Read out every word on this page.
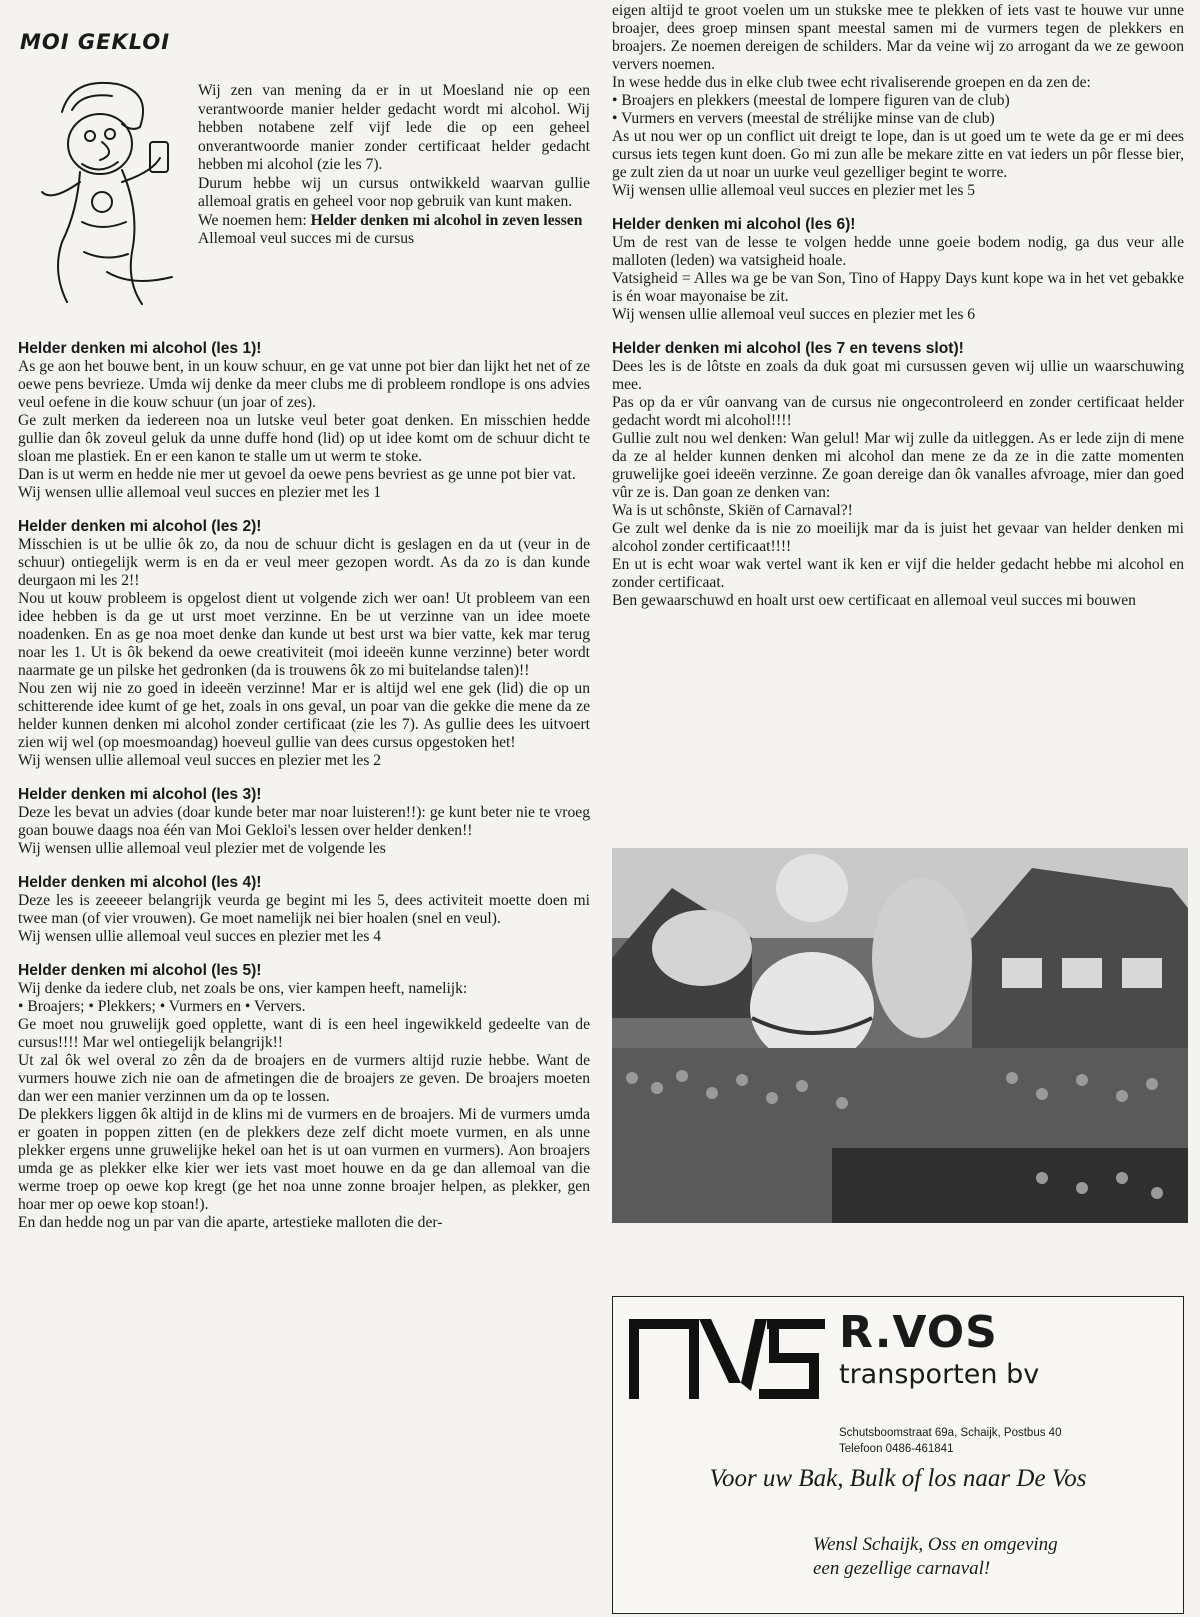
MOI GEKLOI

Wij zen van mening da er in ut Moesland nie op een verantwoorde manier helder gedacht wordt mi alcohol. Wij hebben notabene zelf vijf lede die op een geheel onverantwoorde manier zonder certificaat helder gedacht hebben mi alcohol (zie les 7).

Durum hebbe wij un cursus ontwikkeld waarvan gullie allemoal gratis en geheel voor nop gebruik van kunt maken.

We noemen hem: Helder denken mi alcohol in zeven lessen

Allemoal veul succes mi de cursus

Helder denken mi alcohol (les 1)!

As ge aon het bouwe bent, in un kouw schuur, en ge vat unne pot bier dan lijkt het net of ze oewe pens bevrieze. Umda wij denke da meer clubs me di probleem rondlope is ons advies veul oefene in die kouw schuur (un joar of zes).

Ge zult merken da iedereen noa un lutske veul beter goat denken. En misschien hedde gullie dan ôk zoveul geluk da unne duffe hond (lid) op ut idee komt om de schuur dicht te sloan me plastiek. En er een kanon te stalle um ut werm te stoke.

Dan is ut werm en hedde nie mer ut gevoel da oewe pens bevriest as ge unne pot bier vat.

Wij wensen ullie allemoal veul succes en plezier met les 1

Helder denken mi alcohol (les 2)!

Misschien is ut be ullie ôk zo, da nou de schuur dicht is geslagen en da ut (veur in de schuur) ontiegelijk werm is en da er veul meer gezopen wordt. As da zo is dan kunde deurgaon mi les 2!!

Nou ut kouw probleem is opgelost dient ut volgende zich wer oan! Ut probleem van een idee hebben is da ge ut urst moet verzinne. En be ut verzinne van un idee moete noadenken. En as ge noa moet denke dan kunde ut best urst wa bier vatte, kek mar terug noar les 1. Ut is ôk bekend da oewe creativiteit (moi ideeën kunne verzinne) beter wordt naarmate ge un pilske het gedronken (da is trouwens ôk zo mi buitelandse talen)!!

Nou zen wij nie zo goed in ideeën verzinne! Mar er is altijd wel ene gek (lid) die op un schitterende idee kumt of ge het, zoals in ons geval, un poar van die gekke die mene da ze helder kunnen denken mi alcohol zonder certificaat (zie les 7). As gullie dees les uitvoert zien wij wel (op moesmoandag) hoeveul gullie van dees cursus opgestoken het!

Wij wensen ullie allemoal veul succes en plezier met les 2

Helder denken mi alcohol (les 3)!

Deze les bevat un advies (doar kunde beter mar noar luisteren!!): ge kunt beter nie te vroeg goan bouwe daags noa één van Moi Gekloi's lessen over helder denken!!

Wij wensen ullie allemoal veul plezier met de volgende les

Helder denken mi alcohol (les 4)!

Deze les is zeeeeer belangrijk veurda ge begint mi les 5, dees activiteit moette doen mi twee man (of vier vrouwen). Ge moet namelijk nei bier hoalen (snel en veul).

Wij wensen ullie allemoal veul succes en plezier met les 4

Helder denken mi alcohol (les 5)!

Wij denke da iedere club, net zoals be ons, vier kampen heeft, namelijk:

• Broajers; • Plekkers; • Vurmers en • Ververs.

Ge moet nou gruwelijk goed opplette, want di is een heel ingewikkeld gedeelte van de cursus!!!! Mar wel ontiegelijk belangrijk!!

Ut zal ôk wel overal zo zên da de broajers en de vurmers altijd ruzie hebbe. Want de vurmers houwe zich nie oan de afmetingen die de broajers ze geven. De broajers moeten dan wer een manier verzinnen um da op te lossen.

De plekkers liggen ôk altijd in de klins mi de vurmers en de broajers. Mi de vurmers umda er goaten in poppen zitten (en de plekkers deze zelf dicht moete vurmen, en als unne plekker ergens unne gruwelijke hekel oan het is ut oan vurmen en vurmers). Aon broajers umda ge as plekker elke kier wer iets vast moet houwe en da ge dan allemoal van die werme troep op oewe kop kregt (ge het noa unne zonne broajer helpen, as plekker, gen hoar mer op oewe kop stoan!).

En dan hedde nog un par van die aparte, artestieke malloten die der-

eigen altijd te groot voelen um un stukske mee te plekken of iets vast te houwe vur unne broajer, dees groep minsen spant meestal samen mi de vurmers tegen de plekkers en broajers. Ze noemen dereigen de schilders. Mar da veine wij zo arrogant da we ze gewoon ververs noemen.

In wese hedde dus in elke club twee echt rivaliserende groepen en da zen de:

• Broajers en plekkers (meestal de lompere figuren van de club)
• Vurmers en ververs (meestal de strélijke minse van de club)

As ut nou wer op un conflict uit dreigt te lope, dan is ut goed um te wete da ge er mi dees cursus iets tegen kunt doen. Go mi zun alle be mekare zitte en vat ieders un pôr flesse bier, ge zult zien da ut noar un uurke veul gezelliger begint te worre.

Wij wensen ullie allemoal veul succes en plezier met les 5

Helder denken mi alcohol (les 6)!

Um de rest van de lesse te volgen hedde unne goeie bodem nodig, ga dus veur alle malloten (leden) wa vatsigheid hoale.

Vatsigheid = Alles wa ge be van Son, Tino of Happy Days kunt kope wa in het vet gebakke is én woar mayonaise be zit.

Wij wensen ullie allemoal veul succes en plezier met les 6

Helder denken mi alcohol (les 7 en tevens slot)!

Dees les is de lôtste en zoals da duk goat mi cursussen geven wij ullie un waarschuwing mee.

Pas op da er vûr oanvang van de cursus nie ongecontroleerd en zonder certificaat helder gedacht wordt mi alcohol!!!!

Gullie zult nou wel denken: Wan gelul! Mar wij zulle da uitleggen. As er lede zijn di mene da ze al helder kunnen denken mi alcohol dan mene ze da ze in die zatte momenten gruwelijke goei ideeën verzinne. Ze goan dereige dan ôk vanalles afvroage, mier dan goed vûr ze is. Dan goan ze denken van:

Wa is ut schônste, Skiën of Carnaval?!

Ge zult wel denke da is nie zo moeilijk mar da is juist het gevaar van helder denken mi alcohol zonder certificaat!!!!

En ut is echt woar wak vertel want ik ken er vijf die helder gedacht hebbe mi alcohol en zonder certificaat.

Ben gewaarschuwd en hoalt urst oew certificaat en allemoal veul succes mi bouwen

R.VOS
transporten bv
Schutsboomstraat 69a, Schaijk, Postbus 40
Telefoon 0486-461841
Voor uw Bak, Bulk of los naar De Vos
Wensl Schaijk, Oss en omgeving
een gezellige carnaval!
